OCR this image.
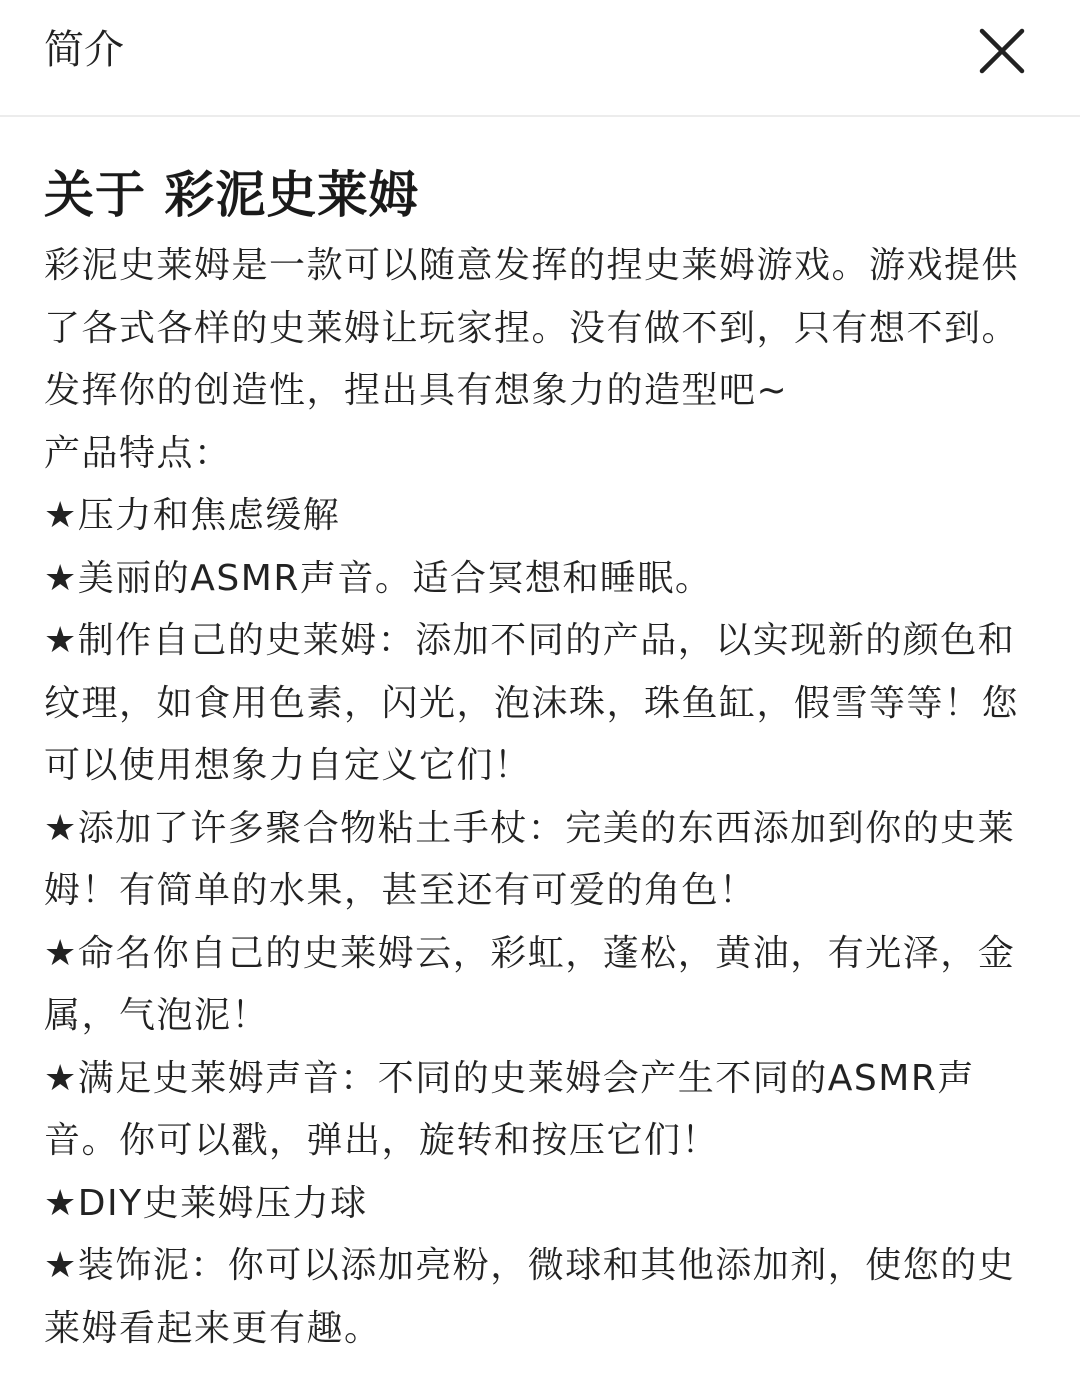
简介
关于 彩泥史莱姆

彩泥史莱姆是一款可以随意发挥的捏史莱姆游戏。游戏提供了各式各样的史莱姆让玩家捏。没有做不到，只有想不到。发挥你的创造性，捏出具有想象力的造型吧~

产品特点：

★压力和焦虑缓解

★美丽的ASMR声音。适合冥想和睡眠。

★制作自己的史莱姆：添加不同的产品，以实现新的颜色和纹理，如食用色素，闪光，泡沫珠，珠鱼缸，假雪等等！您可以使用想象力自定义它们！

★添加了许多聚合物粘土手杖：完美的东西添加到你的史莱姆！有简单的水果，甚至还有可爱的角色！

★命名你自己的史莱姆云，彩虹，蓬松，黄油，有光泽，金属，气泡泥！

★满足史莱姆声音：不同的史莱姆会产生不同的ASMR声音。你可以戳，弹出，旋转和按压它们！

★DIY史莱姆压力球

★装饰泥：你可以添加亮粉，微球和其他添加剂，使您的史莱姆看起来更有趣。
